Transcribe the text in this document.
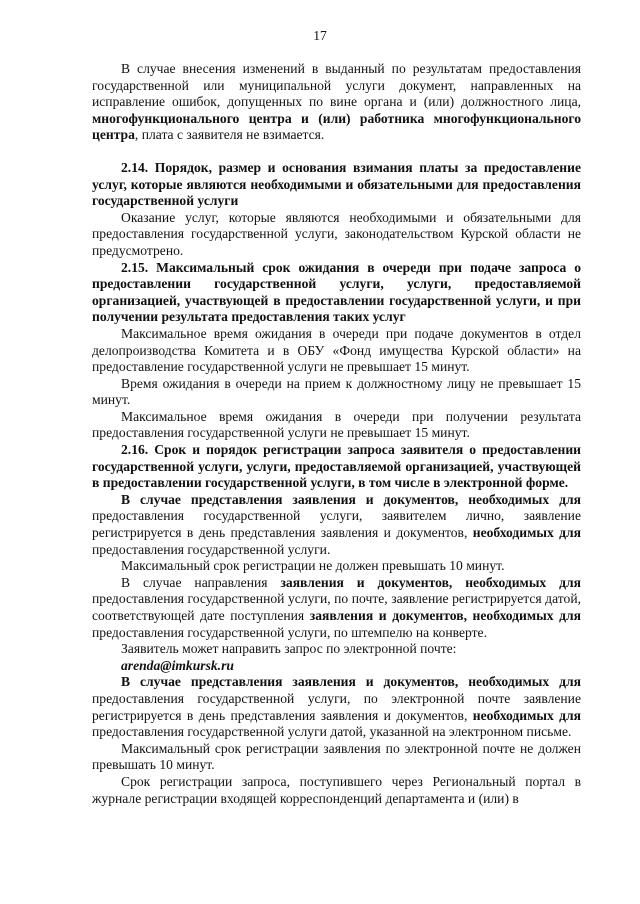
17

В случае внесения изменений в выданный по результатам предоставления государственной или муниципальной услуги документ, направленных на исправление ошибок, допущенных по вине органа и (или) должностного лица, многофункционального центра и (или) работника многофункционального центра, плата с заявителя не взимается.

2.14. Порядок, размер и основания взимания платы за предоставление услуг, которые являются необходимыми и обязательными для предоставления государственной услуги

Оказание услуг, которые являются необходимыми и обязательными для предоставления государственной услуги, законодательством Курской области не предусмотрено.

2.15. Максимальный срок ожидания в очереди при подаче запроса о предоставлении государственной услуги, услуги, предоставляемой организацией, участвующей в предоставлении государственной услуги, и при получении результата предоставления таких услуг

Максимальное время ожидания в очереди при подаче документов в отдел делопроизводства Комитета и в ОБУ «Фонд имущества Курской области» на предоставление государственной услуги не превышает 15 минут.

Время ожидания в очереди на прием к должностному лицу не превышает 15 минут.

Максимальное время ожидания в очереди при получении результата предоставления государственной услуги не превышает 15 минут.

2.16. Срок и порядок регистрации запроса заявителя о предоставлении государственной услуги, услуги, предоставляемой организацией, участвующей в предоставлении государственной услуги, в том числе в электронной форме.

В случае представления заявления и документов, необходимых для предоставления государственной услуги, заявителем лично, заявление регистрируется в день представления заявления и документов, необходимых для предоставления государственной услуги.

Максимальный срок регистрации не должен превышать 10 минут.

В случае направления заявления и документов, необходимых для предоставления государственной услуги, по почте, заявление регистрируется датой, соответствующей дате поступления заявления и документов, необходимых для предоставления государственной услуги, по штемпелю на конверте.

Заявитель может направить запрос по электронной почте:

arenda@imkursk.ru

В случае представления заявления и документов, необходимых для предоставления государственной услуги, по электронной почте заявление регистрируется в день представления заявления и документов, необходимых для предоставления государственной услуги датой, указанной на электронном письме.

Максимальный срок регистрации заявления по электронной почте не должен превышать 10 минут.

Срок регистрации запроса, поступившего через Региональный портал в журнале регистрации входящей корреспонденций департамента и (или) в
